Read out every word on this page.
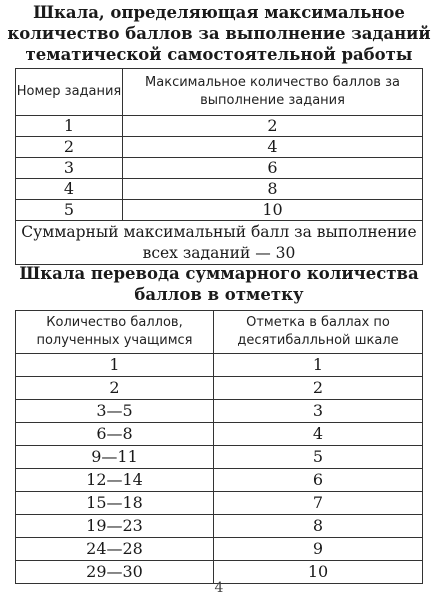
Шкала, определяющая максимальное количество баллов за выполнение заданий тематической самостоятельной работы
Номер задания	Максимальное количество баллов за выполнение задания
1	2
2	4
3	6
4	8
5	10
Суммарный максимальный балл за выполнение всех заданий — 30	
Шкала перевода суммарного количества баллов в отметку
Количество баллов, полученных учащимся	Отметка в баллах по десятибалльной шкале
1	1
2	2
3—5	3
6—8	4
9—11	5
12—14	6
15—18	7
19—23	8
24—28	9
29—30	10
4
